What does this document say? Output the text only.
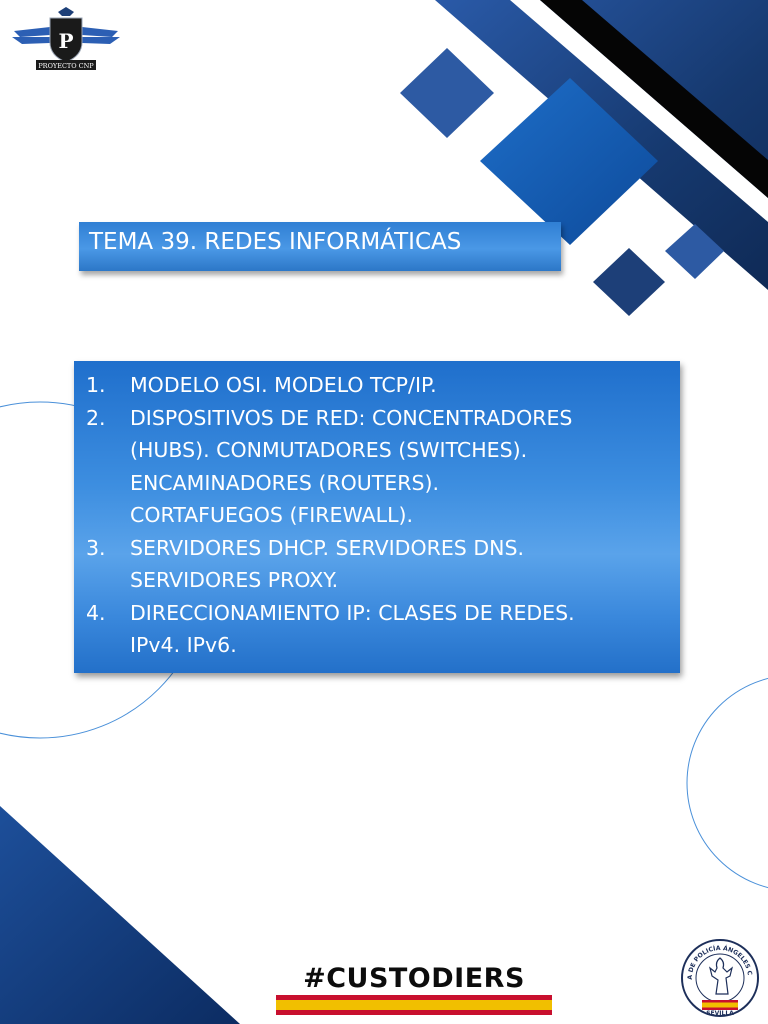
P
PROYECTO CNP
TEMA 39. REDES INFORMÁTICAS
1.	MODELO OSI. MODELO TCP/IP.
2.	DISPOSITIVOS DE RED: CONCENTRADORES
(HUBS). CONMUTADORES (SWITCHES).
ENCAMINADORES (ROUTERS).
CORTAFUEGOS (FIREWALL).
3.	SERVIDORES DHCP. SERVIDORES DNS.
SERVIDORES PROXY.
4.	DIRECCIONAMIENTO IP: CLASES DE REDES.
IPv4. IPv6.
#CUSTODIERS	A DE POLICÍA ÁNGELES C
SEVILLA
